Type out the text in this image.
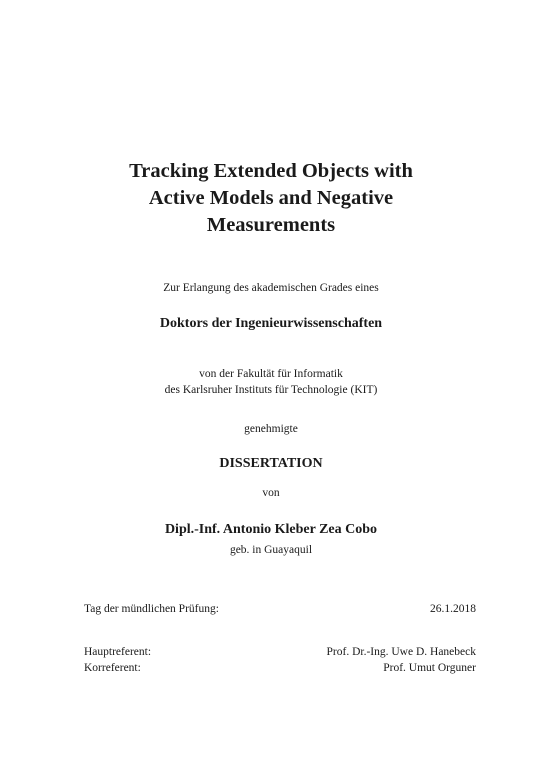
Tracking Extended Objects with
Active Models and Negative
Measurements
Zur Erlangung des akademischen Grades eines
Doktors der Ingenieurwissenschaften
von der Fakultät für Informatik
des Karlsruher Instituts für Technologie (KIT)
genehmigte
DISSERTATION
von
Dipl.-Inf. Antonio Kleber Zea Cobo
geb. in Guayaquil
Tag der mündlichen Prüfung:	26.1.2018
Hauptreferent:	Prof. Dr.-Ing. Uwe D. Hanebeck
Korreferent:	Prof. Umut Orguner
